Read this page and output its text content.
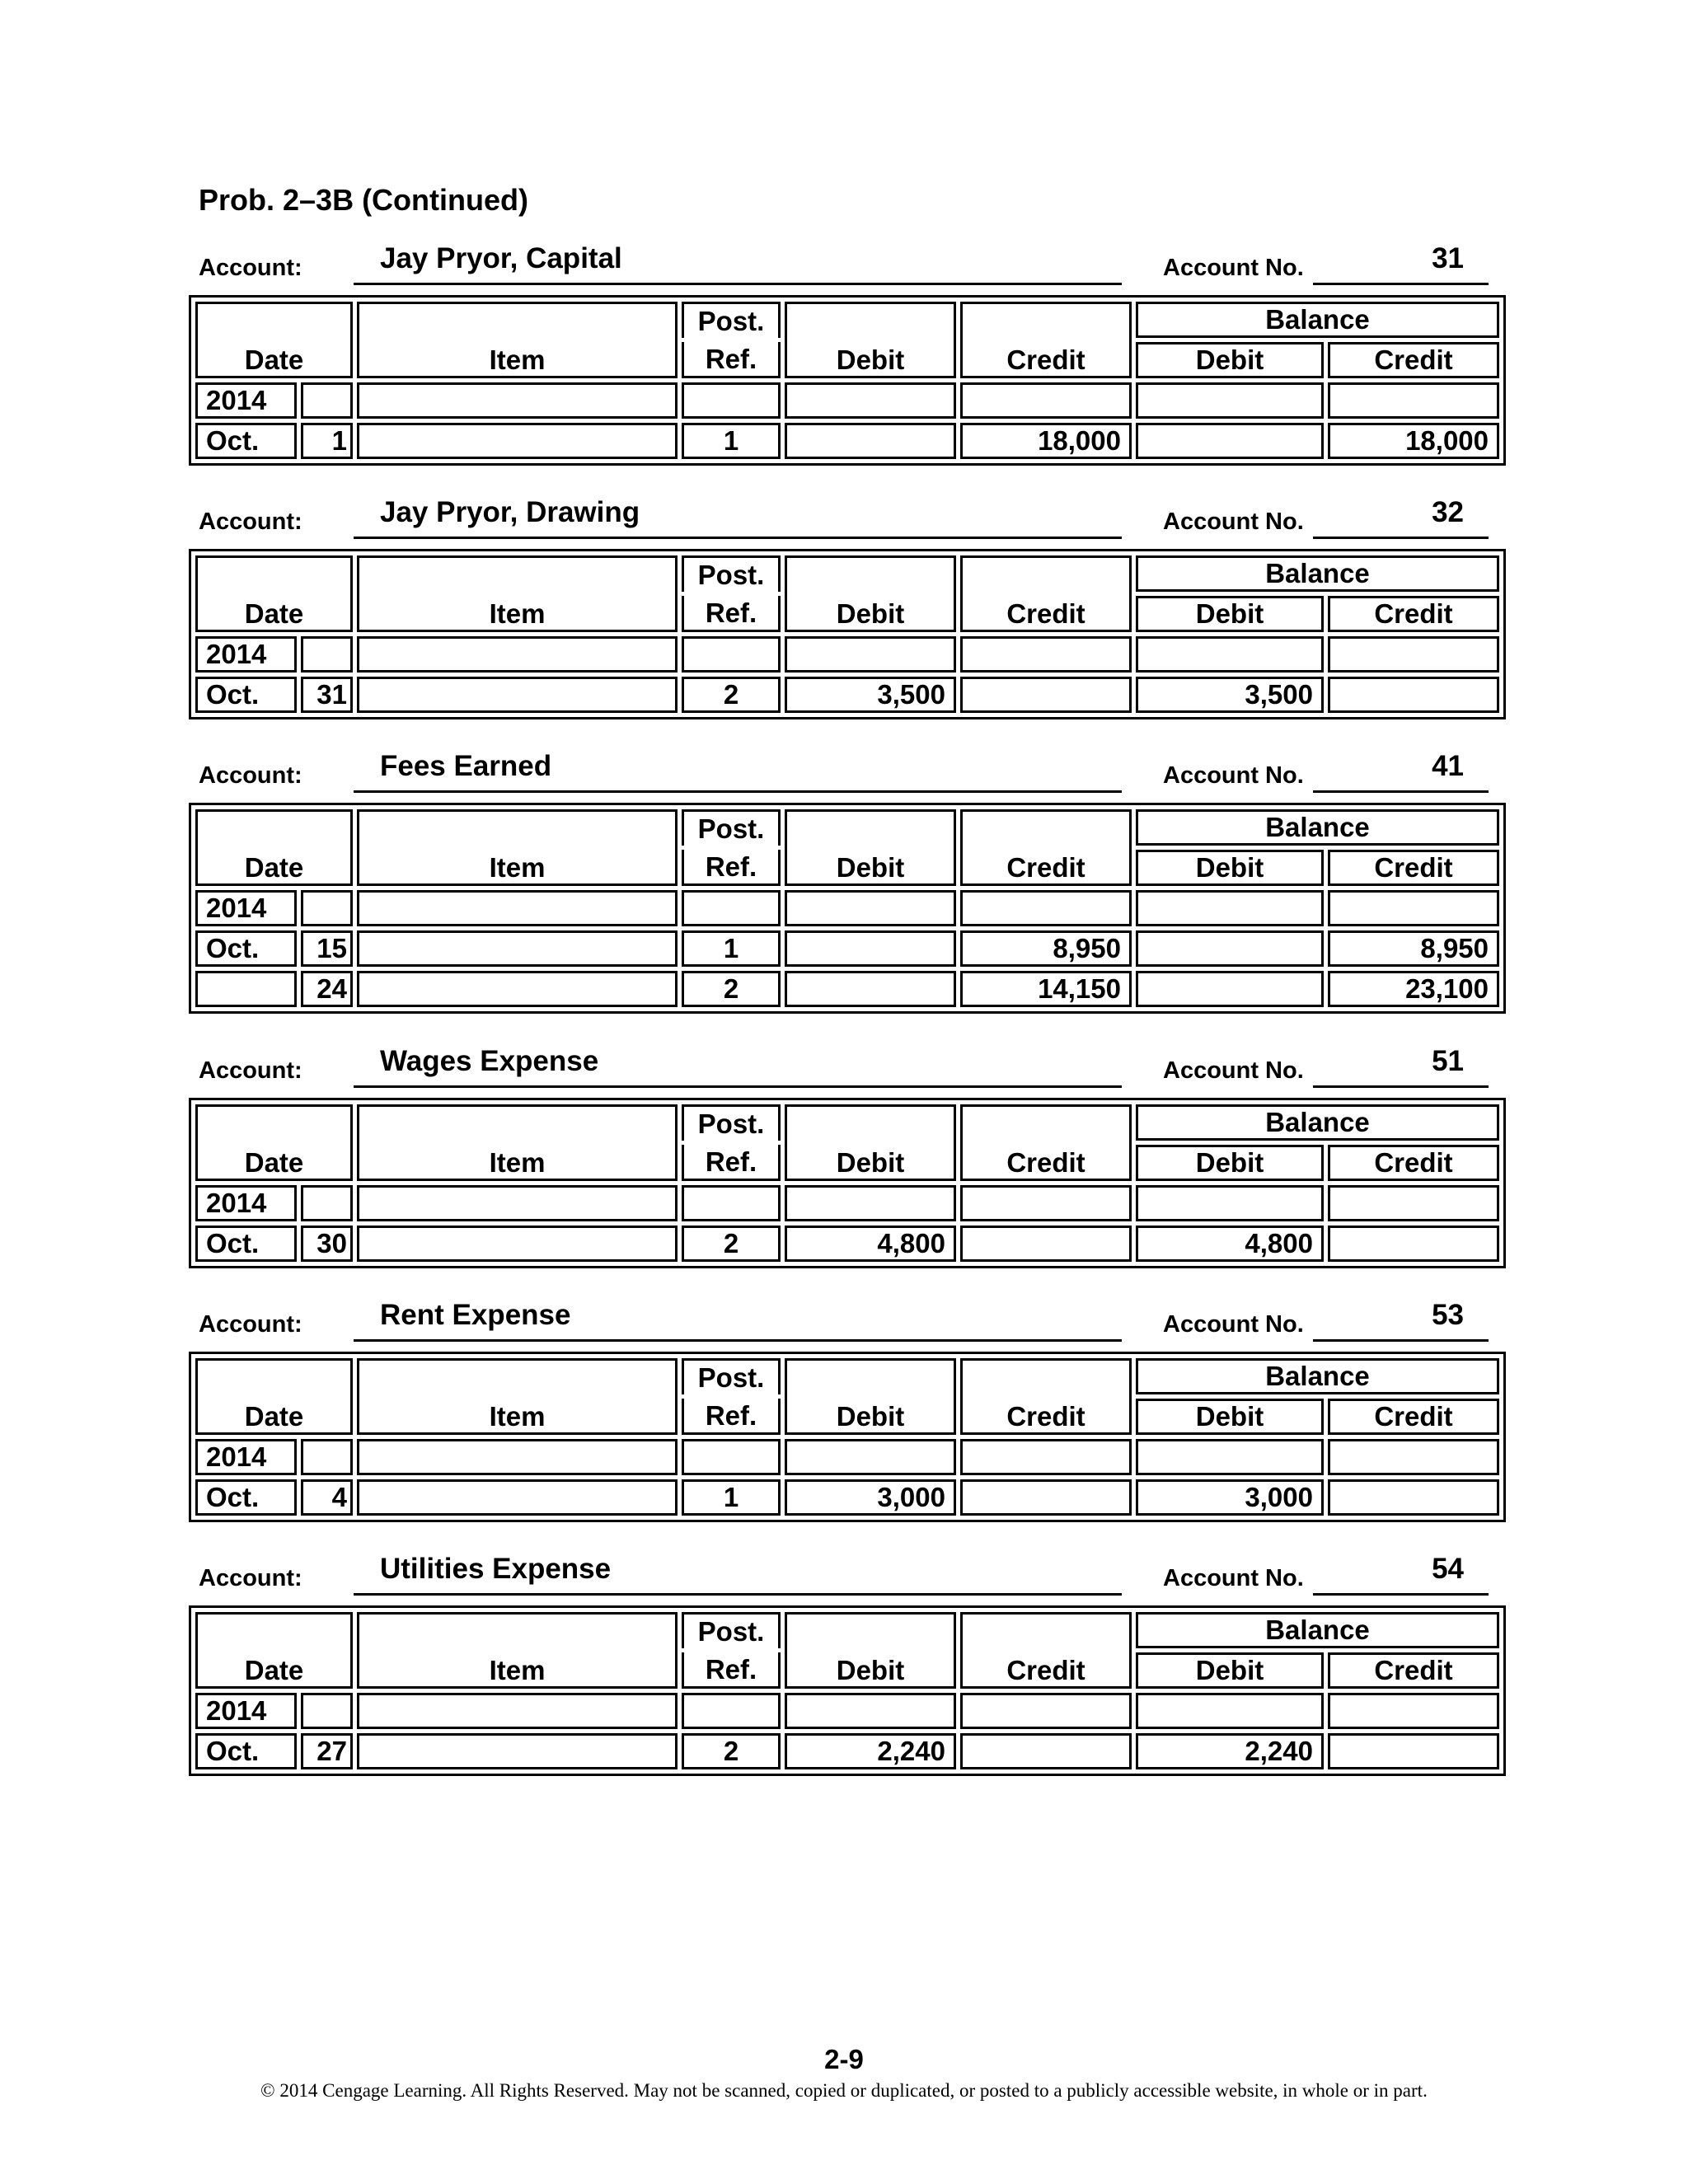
Prob. 2–3B (Continued)
Account:	Jay Pryor, Capital	Account No.	31
Date		Item	Post.	Debit	Credit	Balance	
			Ref.			Debit	Credit
2014							
Oct.	1		1		18,000		18,000
Account:	Jay Pryor, Drawing	Account No.	32
Date		Item	Post.	Debit	Credit	Balance	
			Ref.			Debit	Credit
2014							
Oct.	31		2	3,500		3,500	
Account:	Fees Earned	Account No.	41
Date		Item	Post.	Debit	Credit	Balance	
			Ref.			Debit	Credit
2014							
Oct.	15		1		8,950		8,950
	24		2		14,150		23,100
Account:	Wages Expense	Account No.	51
Date		Item	Post.	Debit	Credit	Balance	
			Ref.			Debit	Credit
2014							
Oct.	30		2	4,800		4,800	
Account:	Rent Expense	Account No.	53
Date		Item	Post.	Debit	Credit	Balance	
			Ref.			Debit	Credit
2014							
Oct.	4		1	3,000		3,000	
Account:	Utilities Expense	Account No.	54
Date		Item	Post.	Debit	Credit	Balance	
			Ref.			Debit	Credit
2014							
Oct.	27		2	2,240		2,240	
2-9
© 2014 Cengage Learning. All Rights Reserved. May not be scanned, copied or duplicated, or posted to a publicly accessible website, in whole or in part.
